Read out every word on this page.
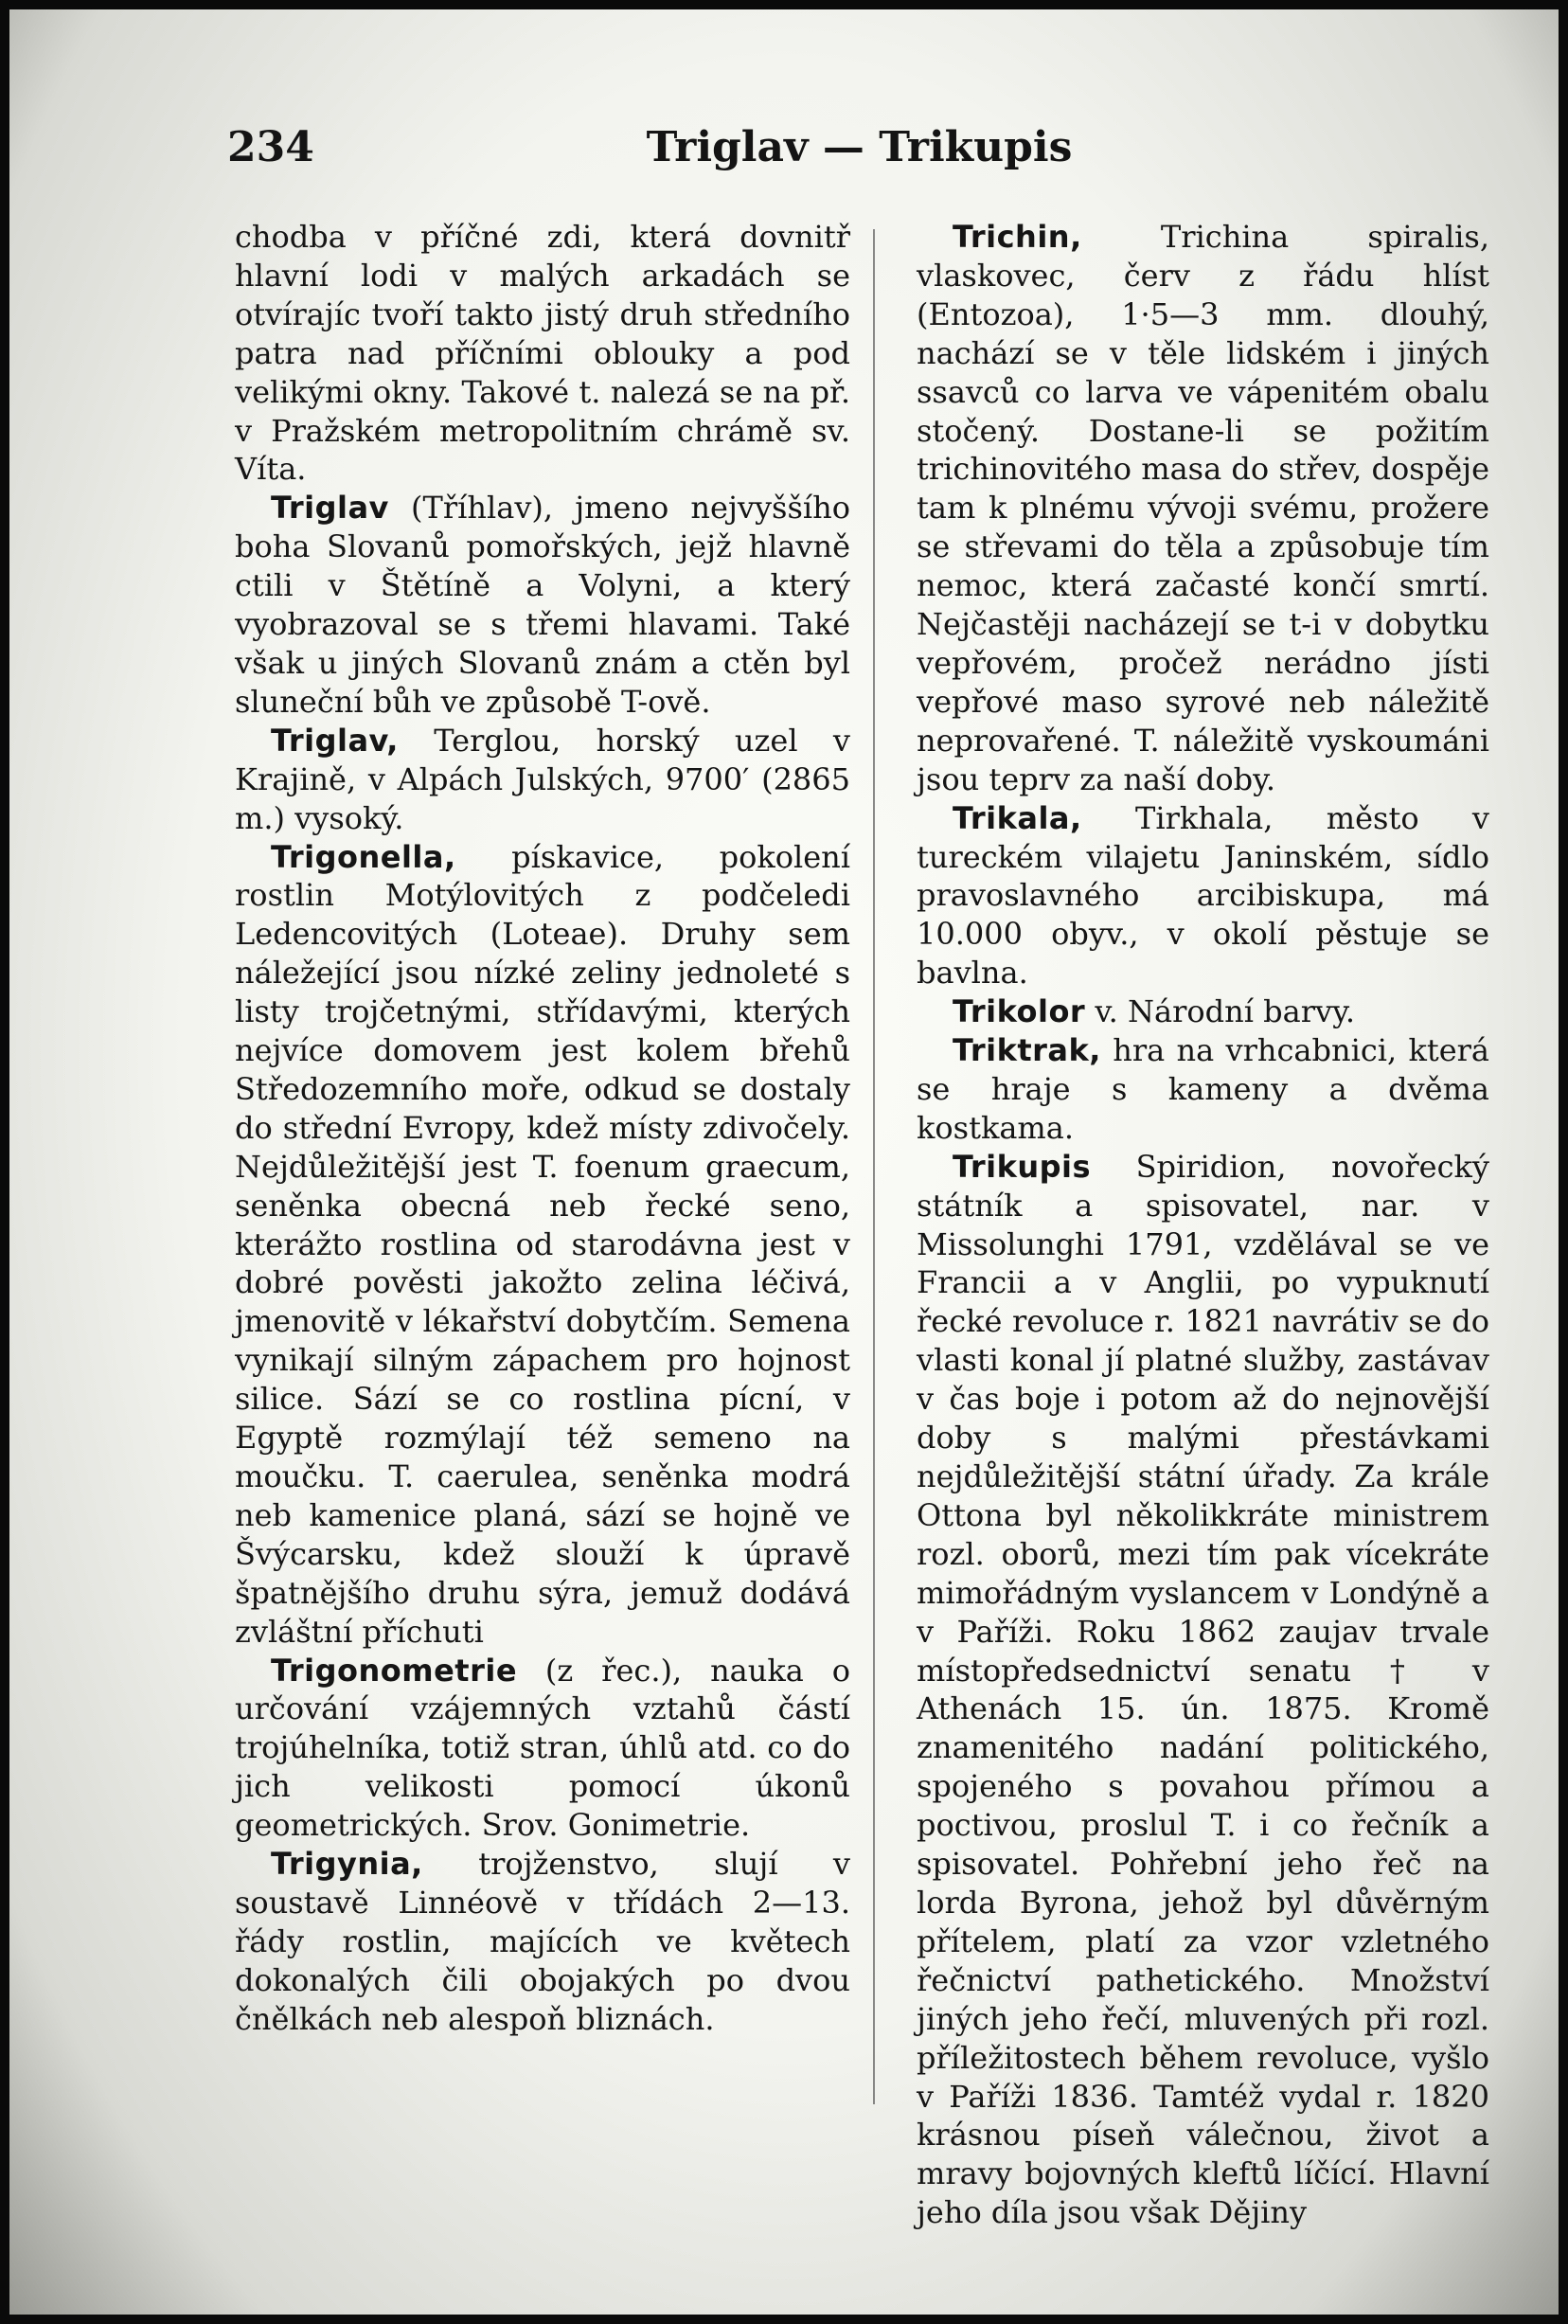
234	Triglav — Trikupis

chodba v příčné zdi, která dovnitř hlavní lodi v malých arkadách se otvírajíc tvoří takto jistý druh středního patra nad příčními oblouky a pod velikými okny. Takové t. nalezá se na př. v Pražském metropolitním chrámě sv. Víta.

Triglav (Tříhlav), jmeno nejvyššího boha Slovanů pomořských, jejž hlavně ctili v Štětíně a Volyni, a který vyobrazoval se s třemi hlavami. Také však u jiných Slovanů znám a ctěn byl sluneční bůh ve způsobě T-ově.

Triglav, Terglou, horský uzel v Krajině, v Alpách Julských, 9700′ (2865 m.) vysoký.

Trigonella, pískavice, pokolení rostlin Motýlovitých z podčeledi Ledencovitých (Loteae). Druhy sem náležející jsou nízké zeliny jednoleté s listy trojčetnými, střídavými, kterých nejvíce domovem jest kolem břehů Středozemního moře, odkud se dostaly do střední Evropy, kdež místy zdivočely. Nejdůležitější jest T. foenum graecum, seněnka obecná neb řecké seno, kterážto rostlina od starodávna jest v dobré pověsti jakožto zelina léčivá, jmenovitě v lékařství dobytčím. Semena vynikají silným zápachem pro hojnost silice. Sází se co rostlina pícní, v Egyptě rozmýlají též semeno na moučku. T. caerulea, seněnka modrá neb kamenice planá, sází se hojně ve Švýcarsku, kdež slouží k úpravě špatnějšího druhu sýra, jemuž dodává zvláštní příchuti

Trigonometrie (z řec.), nauka o určování vzájemných vztahů částí trojúhelníka, totiž stran, úhlů atd. co do jich velikosti pomocí úkonů geometrických. Srov. Gonimetrie.

Trigynia, trojženstvo, slují v soustavě Linnéově v třídách 2—13. řády rostlin, majících ve květech dokonalých čili obojakých po dvou čnělkách neb alespoň bliznách.

Trichin, Trichina spiralis, vlaskovec, červ z řádu hlíst (Entozoa), 1·5—3 mm. dlouhý, nachází se v těle lidském i jiných ssavců co larva ve vápenitém obalu stočený. Dostane-li se požitím trichinovitého masa do střev, dospěje tam k plnému vývoji svému, prožere se střevami do těla a způsobuje tím nemoc, která začasté končí smrtí. Nejčastěji nacházejí se t-i v dobytku vepřovém, pročež nerádno jísti vepřové maso syrové neb náležitě neprovařené. T. náležitě vyskoumáni jsou teprv za naší doby.

Trikala, Tirkhala, město v tureckém vilajetu Janinském, sídlo pravoslavného arcibiskupa, má 10.000 obyv., v okolí pěstuje se bavlna.

Trikolor v. Národní barvy.

Triktrak, hra na vrhcabnici, která se hraje s kameny a dvěma kostkama.

Trikupis Spiridion, novořecký státník a spisovatel, nar. v Missolunghi 1791, vzdělával se ve Francii a v Anglii, po vypuknutí řecké revoluce r. 1821 navrátiv se do vlasti konal jí platné služby, zastávav v čas boje i potom až do nejnovější doby s malými přestávkami nejdůležitější státní úřady. Za krále Ottona byl několikkráte ministrem rozl. oborů, mezi tím pak vícekráte mimořádným vyslancem v Londýně a v Paříži. Roku 1862 zaujav trvale místopředsednictví senatu † v Athenách 15. ún. 1875. Kromě znamenitého nadání politického, spojeného s povahou přímou a poctivou, proslul T. i co řečník a spisovatel. Pohřební jeho řeč na lorda Byrona, jehož byl důvěrným přítelem, platí za vzor vzletného řečnictví pathetického. Množství jiných jeho řečí, mluvených při rozl. příležitostech během revoluce, vyšlo v Paříži 1836. Tamtéž vydal r. 1820 krásnou píseň válečnou, život a mravy bojovných kleftů líčící. Hlavní jeho díla jsou však Dějiny
